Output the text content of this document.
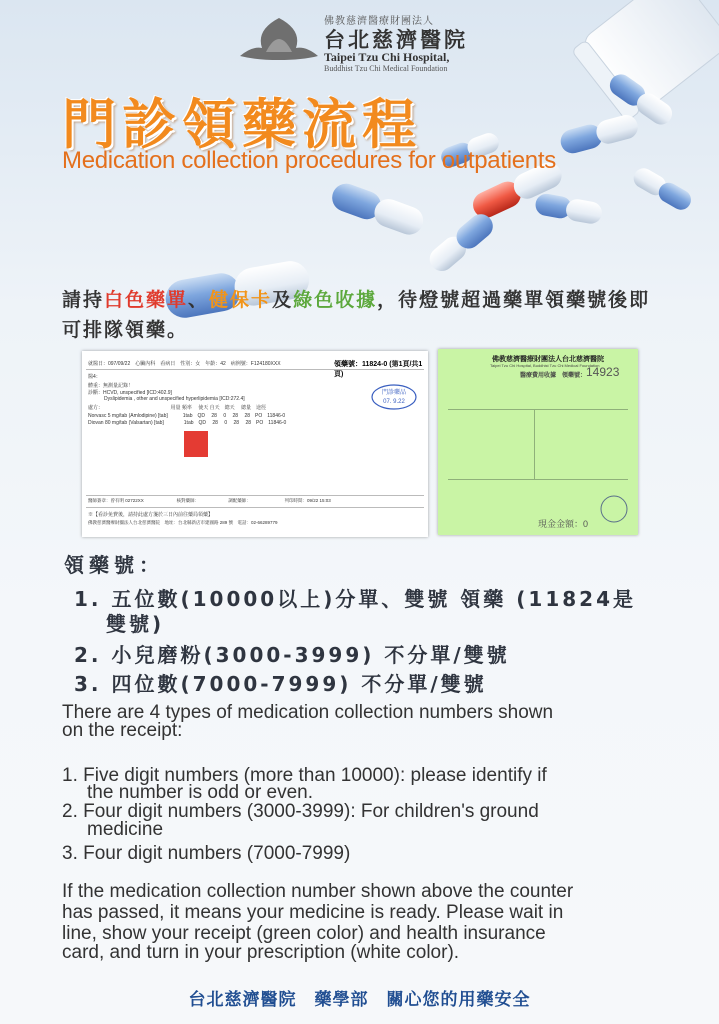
佛教慈濟醫療財團法人
台北慈濟醫院
Taipei Tzu Chi Hospital,
Buddhist Tzu Chi Medical Foundation
門診領藥流程
Medication collection procedures for outpatients
請持白色藥單、健保卡及綠色收據，待燈號超過藥單領藥號後即可排隊領藥。
就醫日：097/09/22　心臟內科　看病日　性別：女　年齡：42　病例號：F124180XXX	領藥號：11824-0 (第1頁/共1頁)
醫4：
體重：無測量記錄！
診斷：HCVD, unspecified [ICD:402.9]
Dyslipidemia , other and unspecified hyperlipidemia [ICD:272.4]
處方：　　　　　　　　　　　　　　用量 頻率　 使天 自天　總天　 總量　途徑
Norvasc 5 mg/tab (Amlodipine) [tab]　　　1tab　QD　 28　 0　 28　 28　PO　11846-0
Diovan 80 mg/tab (Valsartan) [tab]　　　　1tab　QD　 28　 0　 28　 28　PO　11846-0
門診藥品
07. 9.22
醫師簽章：曾有明 02722XX　　　　　　　 核對藥師：　　　　　　　調配藥師：　　　　　　　　列印時間：09/22 15:03
※【看診免費後，請持此處方箋於三日內前往藥局領藥】
佛教慈濟醫療財團法人台北慈濟醫院　地址：台北縣新店市建國路 289 號　電話：02-66289779
佛教慈濟醫療財團法人台北慈濟醫院
Taipei Tzu Chi Hospital, Buddhist Tzu Chi Medical Foundation
醫療費用收據　領藥號： 14923
現金金額：0
領藥號：
1. 五位數(10000以上)分單、雙號 領藥 (11824是
雙號)
2. 小兒磨粉(3000-3999) 不分單/雙號
3. 四位數(7000-7999) 不分單/雙號
There are 4 types of medication collection numbers shown
on the receipt:
1. Five digit numbers (more than 10000): please identify if
the number is odd or even.
2. Four digit numbers (3000-3999): For children's ground
medicine
3. Four digit numbers (7000-7999)
If the medication collection number shown above the counter
has passed, it means your medicine is ready. Please wait in
line, show your receipt (green color) and health insurance
card, and turn in your prescription (white color).
台北慈濟醫院　藥學部　關心您的用藥安全
